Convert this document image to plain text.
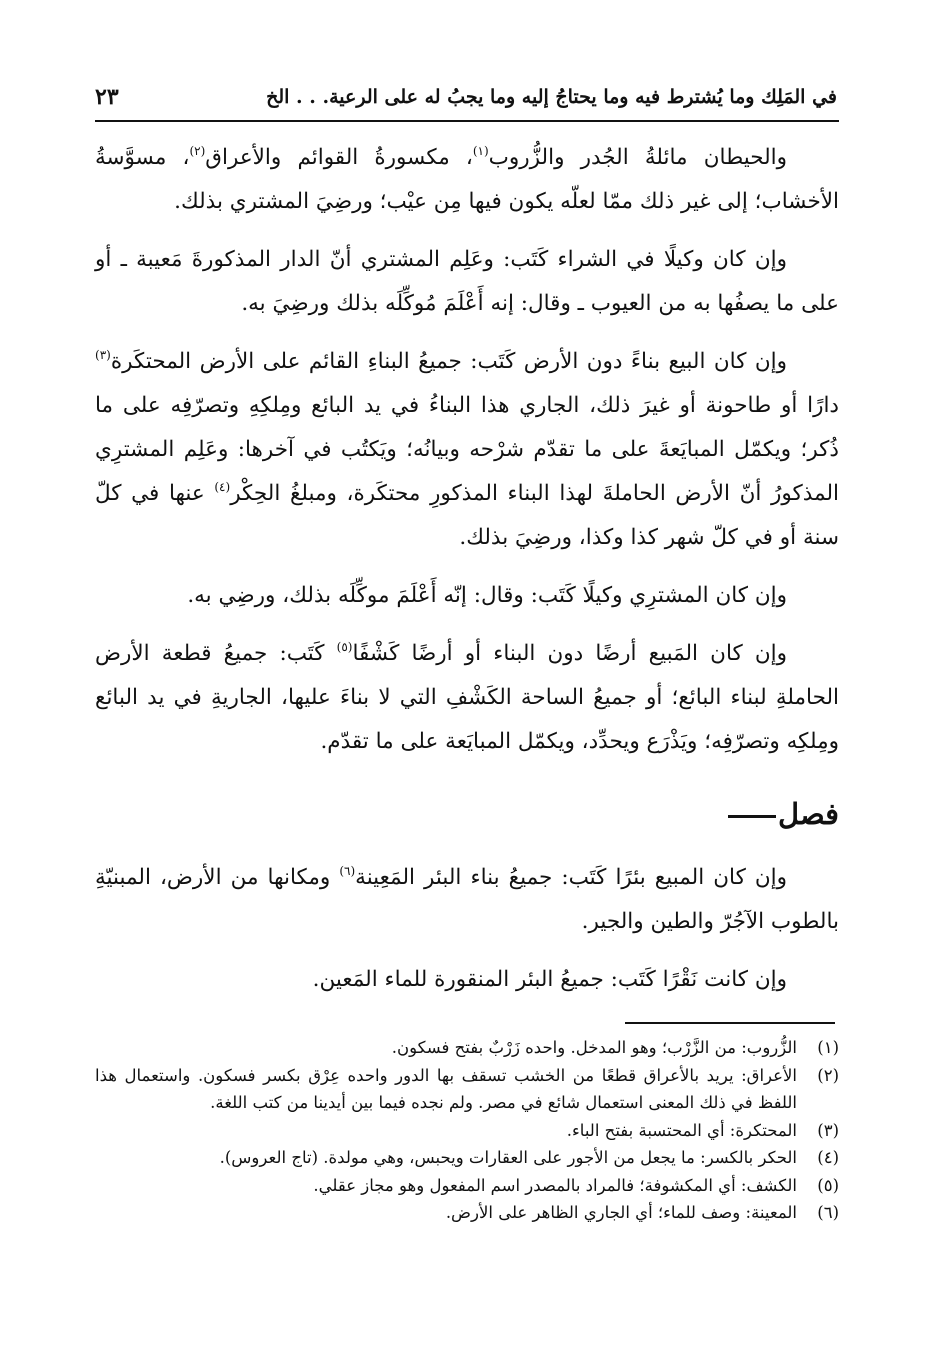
في المَلِك وما يُشترط فيه وما يحتاجُ إليه وما يجبُ له على الرعية. . . الخ
٢٣

والحيطان مائلةُ الجُدر والزُّروب$^{(١)}$، مكسورةُ القوائم والأعراق$^{(٢)}$، مسوَّسةُ الأخشاب؛ إلى غير ذلك ممّا لعلّه يكون فيها مِن عيْب؛ ورضِيَ المشتري بذلك.

وإن كان وكيلًا في الشراء كَتَب: وعَلِم المشتري أنّ الدار المذكورةَ مَعيبة ـ أو على ما يصفُها به من العيوب ـ وقال: إنه أَعْلَمَ مُوكِّلَه بذلك ورضِيَ به.

وإن كان البيع بناءً دون الأرض كَتَب: جميعُ البناءِ القائم على الأرض المحتكَرة$^{(٣)}$ دارًا أو طاحونة أو غيرَ ذلك، الجاري هذا البناءُ في يد البائع ومِلكِهِ وتصرّفِه على ما ذُكر؛ ويكمّل المبايَعةَ على ما تقدّم شرْحه وبيانُه؛ ويَكتُب في آخرها: وعَلِم المشترِي المذكورُ أنّ الأرض الحاملةَ لهذا البناء المذكورِ محتكَرة، ومبلغُ الحِكْر$^{(٤)}$ عنها في كلّ سنة أو في كلّ شهر كذا وكذا، ورضِيَ بذلك.

وإن كان المشترِي وكيلًا كَتَب: وقال: إنّه أَعْلَمَ موكِّلَه بذلك، ورضِي به.

وإن كان المَبيع أرضًا دون البناء أو أرضًا كَشْفًا$^{(٥)}$ كَتَب: جميعُ قطعة الأرض الحاملةِ لبناء البائع؛ أو جميعُ الساحة الكَشْفِ التي لا بناءَ عليها، الجاريةِ في يد البائع ومِلكِه وتصرّفِه؛ ويَذْرَع ويحدِّد، ويكمّل المبايَعة على ما تقدّم.

فصل

وإن كان المبيع بئرًا كَتَب: جميعُ بناء البئر المَعِينة$^{(٦)}$ ومكانها من الأرض، المبنيّةِ بالطوب الآجُرّ والطين والجير.

وإن كانت نَقْرًا كَتَب: جميعُ البئر المنقورة للماء المَعين.

(١)
الزُّروب: من الزَّرْب؛ وهو المدخل. واحده زَرْبٌ بفتح فسكون.
(٢)
الأعراق: يريد بالأعراق قطعًا من الخشب تسقف بها الدور واحده عِرْق بكسر فسكون. واستعمال هذا اللفظ في ذلك المعنى استعمال شائع في مصر. ولم نجده فيما بين أيدينا من كتب اللغة.
(٣)
المحتكرة: أي المحتسبة بفتح الباء.
(٤)
الحكر بالكسر: ما يجعل من الأجور على العقارات ويحبس، وهي مولدة. (تاج العروس).
(٥)
الكشف: أي المكشوفة؛ فالمراد بالمصدر اسم المفعول وهو مجاز عقلي.
(٦)
المعينة: وصف للماء؛ أي الجاري الظاهر على الأرض.
